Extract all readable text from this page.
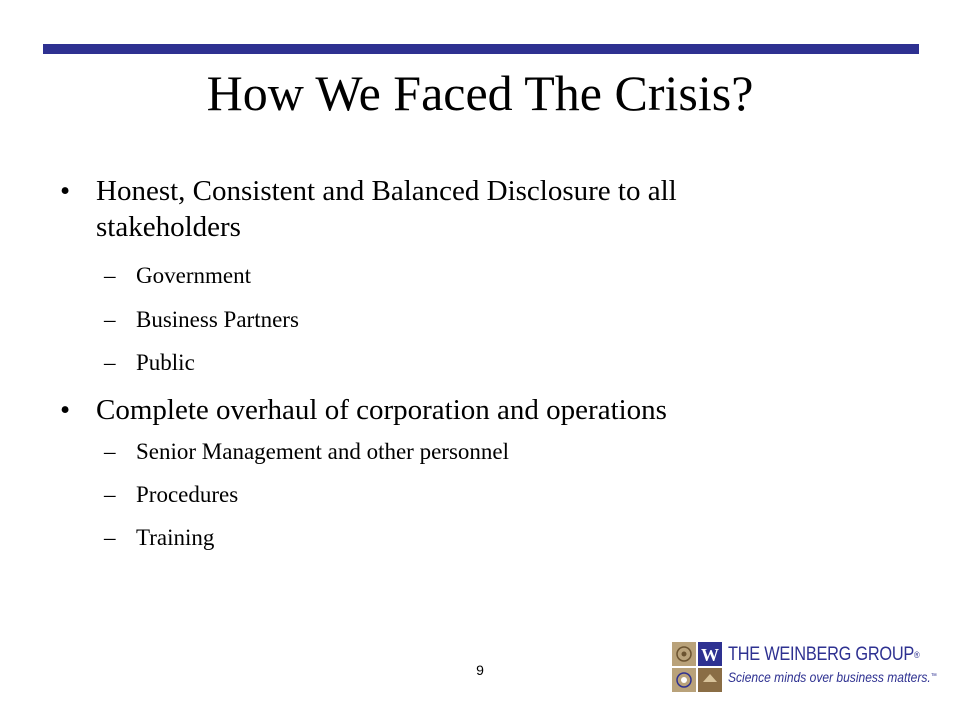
How We Faced The Crisis?
• Honest, Consistent and Balanced Disclosure to all stakeholders
– Government
– Business Partners
– Public
• Complete overhaul of corporation and operations
– Senior Management and other personnel
– Procedures
– Training
9
W THE WEINBERG GROUP®
Science minds over business matters.™
